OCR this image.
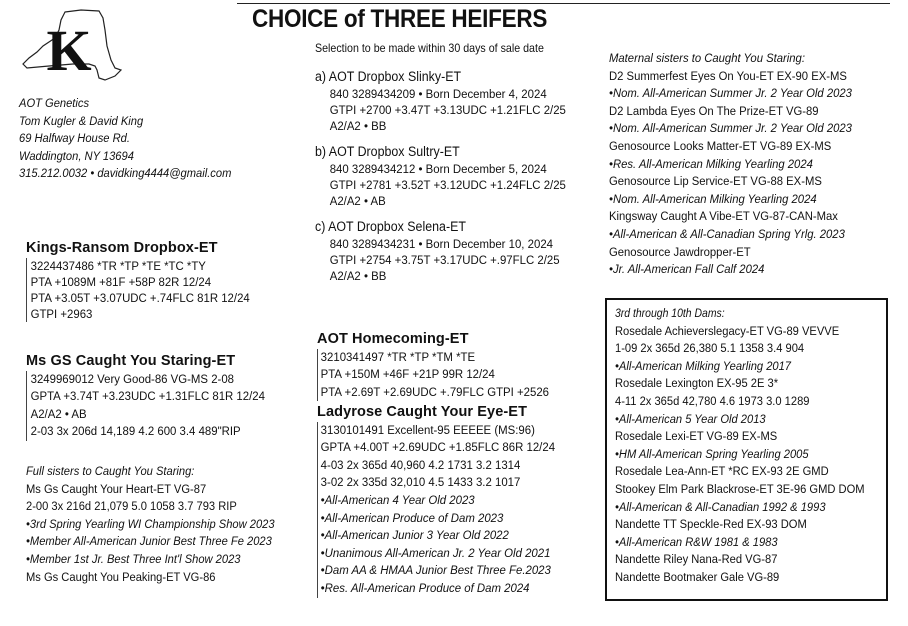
CHOICE of THREE HEIFERS
K
AOT Genetics
Tom Kugler & David King
69 Halfway House Rd.
Waddington, NY 13694
315.212.0032 • davidking4444@gmail.com
Kings-Ransom Dropbox-ET
3224437486 *TR *TP *TE *TC *TY
PTA +1089M +81F +58P 82R 12/24
PTA +3.05T +3.07UDC +.74FLC 81R 12/24
GTPI +2963
Ms GS Caught You Staring-ET
3249969012 Very Good-86 VG-MS 2-08
GPTA +3.74T +3.23UDC +1.31FLC 81R 12/24
A2/A2 • AB
2-03 3x 206d 14,189 4.2 600 3.4 489"RIP
Full sisters to Caught You Staring:
Ms Gs Caught Your Heart-ET VG-87
2-00 3x 216d 21,079 5.0 1058 3.7 793 RIP
•3rd Spring Yearling WI Championship Show 2023
•Member All-American Junior Best Three Fe 2023
•Member 1st Jr. Best Three Int'l Show 2023
Ms Gs Caught You Peaking-ET VG-86
Selection to be made within 30 days of sale date
a) AOT Dropbox Slinky-ET
840 3289434209 • Born December 4, 2024
GTPI +2700 +3.47T +3.13UDC +1.21FLC 2/25
A2/A2 • BB
b) AOT Dropbox Sultry-ET
840 3289434212 • Born December 5, 2024
GTPI +2781 +3.52T +3.12UDC +1.24FLC 2/25
A2/A2 • AB
c) AOT Dropbox Selena-ET
840 3289434231 • Born December 10, 2024
GTPI +2754 +3.75T +3.17UDC +.97FLC 2/25
A2/A2 • BB
AOT Homecoming-ET
3210341497 *TR *TP *TM *TE
PTA +150M +46F +21P 99R 12/24
PTA +2.69T +2.69UDC +.79FLC GTPI +2526
Ladyrose Caught Your Eye-ET
3130101491 Excellent-95 EEEEE (MS:96)
GPTA +4.00T +2.69UDC +1.85FLC 86R 12/24
4-03 2x 365d 40,960 4.2 1731 3.2 1314
3-02 2x 335d 32,010 4.5 1433 3.2 1017
•All-American 4 Year Old 2023
•All-American Produce of Dam 2023
•All-American Junior 3 Year Old 2022
•Unanimous All-American Jr. 2 Year Old 2021
•Dam AA & HMAA Junior Best Three Fe.2023
•Res. All-American Produce of Dam 2024
Maternal sisters to Caught You Staring:
D2 Summerfest Eyes On You-ET EX-90 EX-MS
•Nom. All-American Summer Jr. 2 Year Old 2023
D2 Lambda Eyes On The Prize-ET VG-89
•Nom. All-American Summer Jr. 2 Year Old 2023
Genosource Looks Matter-ET VG-89 EX-MS
•Res. All-American Milking Yearling 2024
Genosource Lip Service-ET VG-88 EX-MS
•Nom. All-American Milking Yearling 2024
Kingsway Caught A Vibe-ET VG-87-CAN-Max
•All-American & All-Canadian Spring Yrlg. 2023
Genosource Jawdropper-ET
•Jr. All-American Fall Calf 2024
3rd through 10th Dams:
Rosedale Achieverslegacy-ET VG-89 VEVVE
1-09 2x 365d 26,380 5.1 1358 3.4 904
•All-American Milking Yearling 2017
Rosedale Lexington EX-95 2E 3*
4-11 2x 365d 42,780 4.6 1973 3.0 1289
•All-American 5 Year Old 2013
Rosedale Lexi-ET VG-89 EX-MS
•HM All-American Spring Yearling 2005
Rosedale Lea-Ann-ET *RC EX-93 2E GMD
Stookey Elm Park Blackrose-ET 3E-96 GMD DOM
•All-American & All-Canadian 1992 & 1993
Nandette TT Speckle-Red EX-93 DOM
•All-American R&W 1981 & 1983
Nandette Riley Nana-Red VG-87
Nandette Bootmaker Gale VG-89
